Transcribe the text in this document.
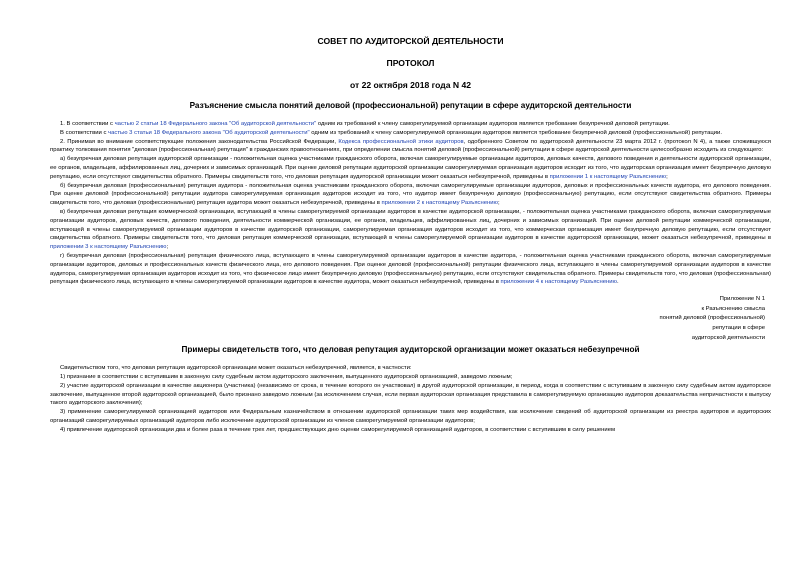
СОВЕТ ПО АУДИТОРСКОЙ ДЕЯТЕЛЬНОСТИ
ПРОТОКОЛ
от 22 октября 2018 года N 42
Разъяснение смысла понятий деловой (профессиональной) репутации в сфере аудиторской деятельности

1. В соответствии с частью 2 статьи 18 Федерального закона "Об аудиторской деятельности" одним из требований к члену саморегулируемой организации аудиторов является требование безупречной деловой репутации.

В соответствии с частью 3 статьи 18 Федерального закона "Об аудиторской деятельности" одним из требований к члену саморегулируемой организации аудиторов является требование безупречной деловой (профессиональной) репутации.

2. Принимая во внимание соответствующие положения законодательства Российской Федерации, Кодекса профессиональной этики аудиторов, одобренного Советом по аудиторской деятельности 23 марта 2012 г. (протокол N 4), а также сложившуюся практику толкования понятия "деловая (профессиональная) репутация" в гражданских правоотношениях, при определении смысла понятий деловой (профессиональной) репутации в сфере аудиторской деятельности целесообразно исходить из следующего:

а) безупречная деловая репутация аудиторской организации - положительная оценка участниками гражданского оборота, включая саморегулируемые организации аудиторов, деловых качеств, делового поведения и деятельности аудиторской организации, ее органов, владельцев, аффилированных лиц, дочерних и зависимых организаций. При оценке деловой репутации аудиторской организации саморегулируемая организация аудиторов исходит из того, что аудиторская организация имеет безупречную деловую репутацию, если отсутствуют свидетельства обратного. Примеры свидетельств того, что деловая репутация аудиторской организации может оказаться небезупречной, приведены в приложении 1 к настоящему Разъяснению;

б) безупречная деловая (профессиональная) репутация аудитора - положительная оценка участниками гражданского оборота, включая саморегулируемые организации аудиторов, деловых и профессиональных качеств аудитора, его делового поведения. При оценке деловой (профессиональной) репутации аудитора саморегулируемая организация аудиторов исходит из того, что аудитор имеет безупречную деловую (профессиональную) репутацию, если отсутствуют свидетельства обратного. Примеры свидетельств того, что деловая (профессиональная) репутация аудитора может оказаться небезупречной, приведены в приложении 2 к настоящему Разъяснению;

в) безупречная деловая репутация коммерческой организации, вступающей в члены саморегулируемой организации аудиторов в качестве аудиторской организации, - положительная оценка участниками гражданского оборота, включая саморегулируемые организации аудиторов, деловых качеств, делового поведения, деятельности коммерческой организации, ее органов, владельцев, аффилированных лиц, дочерних и зависимых организаций. При оценке деловой репутации коммерческой организации, вступающей в члены саморегулируемой организации аудиторов в качестве аудиторской организации, саморегулируемая организация аудиторов исходит из того, что коммерческая организация имеет безупречную деловую репутацию, если отсутствуют свидетельства обратного. Примеры свидетельств того, что деловая репутация коммерческой организации, вступающей в члены саморегулируемой организации аудиторов в качестве аудиторской организации, может оказаться небезупречной, приведены в приложении 3 к настоящему Разъяснению;

г) безупречная деловая (профессиональная) репутация физического лица, вступающего в члены саморегулируемой организации аудиторов в качестве аудитора, - положительная оценка участниками гражданского оборота, включая саморегулируемые организации аудиторов, деловых и профессиональных качеств физического лица, его делового поведения. При оценке деловой (профессиональной) репутации физического лица, вступающего в члены саморегулируемой организации аудиторов в качестве аудитора, саморегулируемая организация аудиторов исходит из того, что физическое лицо имеет безупречную деловую (профессиональную) репутацию, если отсутствуют свидетельства обратного. Примеры свидетельств того, что деловая (профессиональная) репутация физического лица, вступающего в члены саморегулируемой организации аудиторов в качестве аудитора, может оказаться небезупречной, приведены в приложении 4 к настоящему Разъяснению.

Приложение N 1
к Разъяснению смысла
понятий деловой (профессиональной)
репутации в сфере
аудиторской деятельности
Примеры свидетельств того, что деловая репутация аудиторской организации может оказаться небезупречной

Свидетельством того, что деловая репутация аудиторской организации может оказаться небезупречной, является, в частности:

1) признание в соответствии с вступившим в законную силу судебным актом аудиторского заключения, выпущенного аудиторской организацией, заведомо ложным;

2) участие аудиторской организации в качестве акционера (участника) (независимо от срока, в течение которого он участвовал) в другой аудиторской организации, в период, когда в соответствии с вступившим в законную силу судебным актом аудиторское заключение, выпущенное второй аудиторской организацией, было признано заведомо ложным (за исключением случая, если первая аудиторская организация представила в саморегулируемую организацию аудиторов доказательства непричастности к выпуску такого аудиторского заключения);

3) применение саморегулируемой организацией аудиторов или Федеральным казначейством в отношении аудиторской организации таких мер воздействия, как исключение сведений об аудиторской организации из реестра аудиторов и аудиторских организаций саморегулируемых организаций аудиторов либо исключение аудиторской организации из членов саморегулируемой организации аудиторов;

4) привлечение аудиторской организации два и более раза в течение трех лет, предшествующих дню оценки саморегулируемой организацией аудиторов, в соответствии с вступившим в силу решением
